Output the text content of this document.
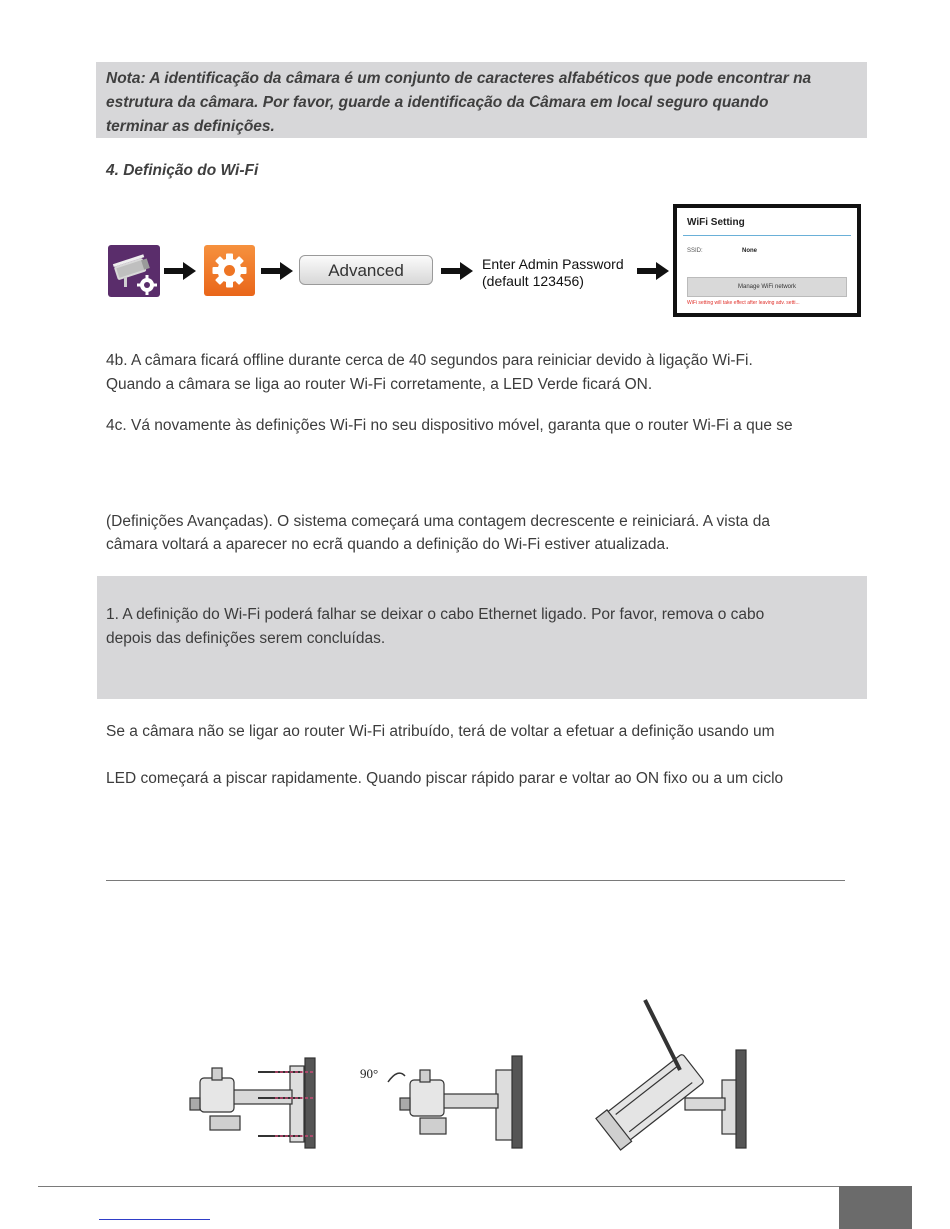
Nota: A identificação da câmara é um conjunto de caracteres alfabéticos que pode encontrar na
estrutura da câmara. Por favor, guarde a identificação da Câmara em local seguro quando
terminar as definições.
4. Definição do Wi-Fi
Advanced	Enter Admin Password
(default 123456)
WiFi Setting
SSID:	None
Manage WiFi network
WiFi setting will take effect after leaving adv. setti...
4b. A câmara ficará offline durante cerca de 40 segundos para reiniciar devido à ligação Wi-Fi.
Quando a câmara se liga ao router Wi-Fi corretamente, a LED Verde ficará ON.
4c. Vá novamente às definições Wi-Fi no seu dispositivo móvel, garanta que o router Wi-Fi a que se
(Definições Avançadas). O sistema começará uma contagem decrescente e reiniciará. A vista da
câmara voltará a aparecer no ecrã quando a definição do Wi-Fi estiver atualizada.
1. A definição do Wi-Fi poderá falhar se deixar o cabo Ethernet ligado. Por favor, remova o cabo
depois das definições serem concluídas.
Se a câmara não se ligar ao router Wi-Fi atribuído, terá de voltar a efetuar a definição usando um
LED começará a piscar rapidamente. Quando piscar rápido parar e voltar ao ON fixo ou a um ciclo
90°
